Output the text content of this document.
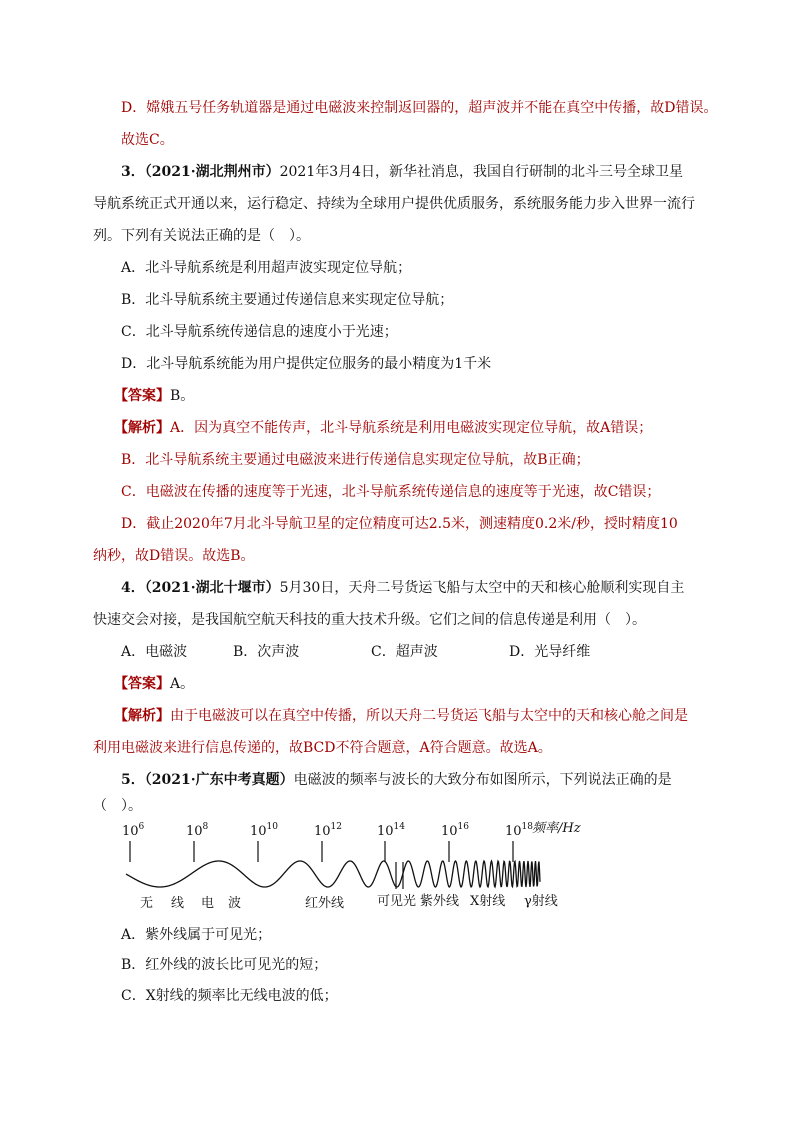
D．嫦娥五号任务轨道器是通过电磁波来控制返回器的，超声波并不能在真空中传播，故D错误。
故选C。
3．（2021·湖北荆州市）2021年3月4日，新华社消息，我国自行研制的北斗三号全球卫星
导航系统正式开通以来，运行稳定、持续为全球用户提供优质服务，系统服务能力步入世界一流行
列。下列有关说法正确的是（　）。
A．北斗导航系统是利用超声波实现定位导航；
B．北斗导航系统主要通过传递信息来实现定位导航；
C．北斗导航系统传递信息的速度小于光速；
D．北斗导航系统能为用户提供定位服务的最小精度为1千米
【答案】B。
【解析】A．因为真空不能传声，北斗导航系统是利用电磁波实现定位导航，故A错误；
B．北斗导航系统主要通过电磁波来进行传递信息实现定位导航，故B正确；
C．电磁波在传播的速度等于光速，北斗导航系统传递信息的速度等于光速，故C错误；
D．截止2020年7月北斗导航卫星的定位精度可达2.5米，测速精度0.2米/秒，授时精度10
纳秒，故D错误。故选B。
4．（2021·湖北十堰市）5月30日，天舟二号货运飞船与太空中的天和核心舱顺利实现自主
快速交会对接，是我国航空航天科技的重大技术升级。它们之间的信息传递是利用（　）。
A．电磁波	B．次声波	C．超声波	D．光导纤维
【答案】A。
【解析】由于电磁波可以在真空中传播，所以天舟二号货运飞船与太空中的天和核心舱之间是
利用电磁波来进行信息传递的，故BCD不符合题意，A符合题意。故选A。
5．（2021·广东中考真题）电磁波的频率与波长的大致分布如图所示，下列说法正确的是
（　）。
$10^6$	$10^8$	$10^{10}$	$10^{12}$	$10^{14}$	$10^{16}$	$10^{18}$ 频率/Hz
无 线 电 波	红外线	可见光 紫外线 X射线 γ射线
A．紫外线属于可见光；
B．红外线的波长比可见光的短；
C．X射线的频率比无线电波的低；
